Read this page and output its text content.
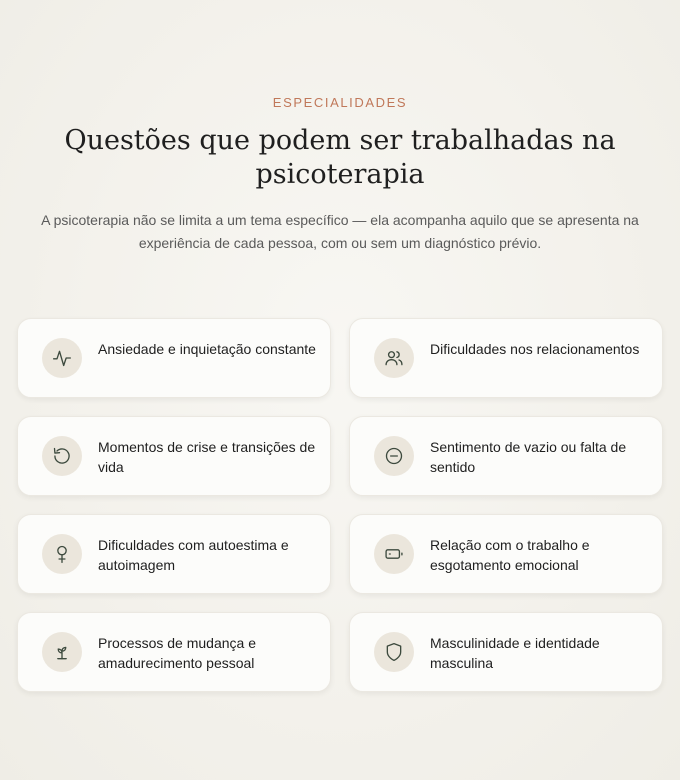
ESPECIALIDADES
Questões que podem ser trabalhadas na psicoterapia

A psicoterapia não se limita a um tema específico — ela acompanha aquilo que se apresenta na experiência de cada pessoa, com ou sem um diagnóstico prévio.

Ansiedade e inquietação constante	Dificuldades nos relacionamentos
Momentos de crise e transições de vida
Sentimento de vazio ou falta de sentido
Dificuldades com autoestima e autoimagem
Relação com o trabalho e esgotamento emocional
Processos de mudança e amadurecimento pessoal
Masculinidade e identidade masculina
